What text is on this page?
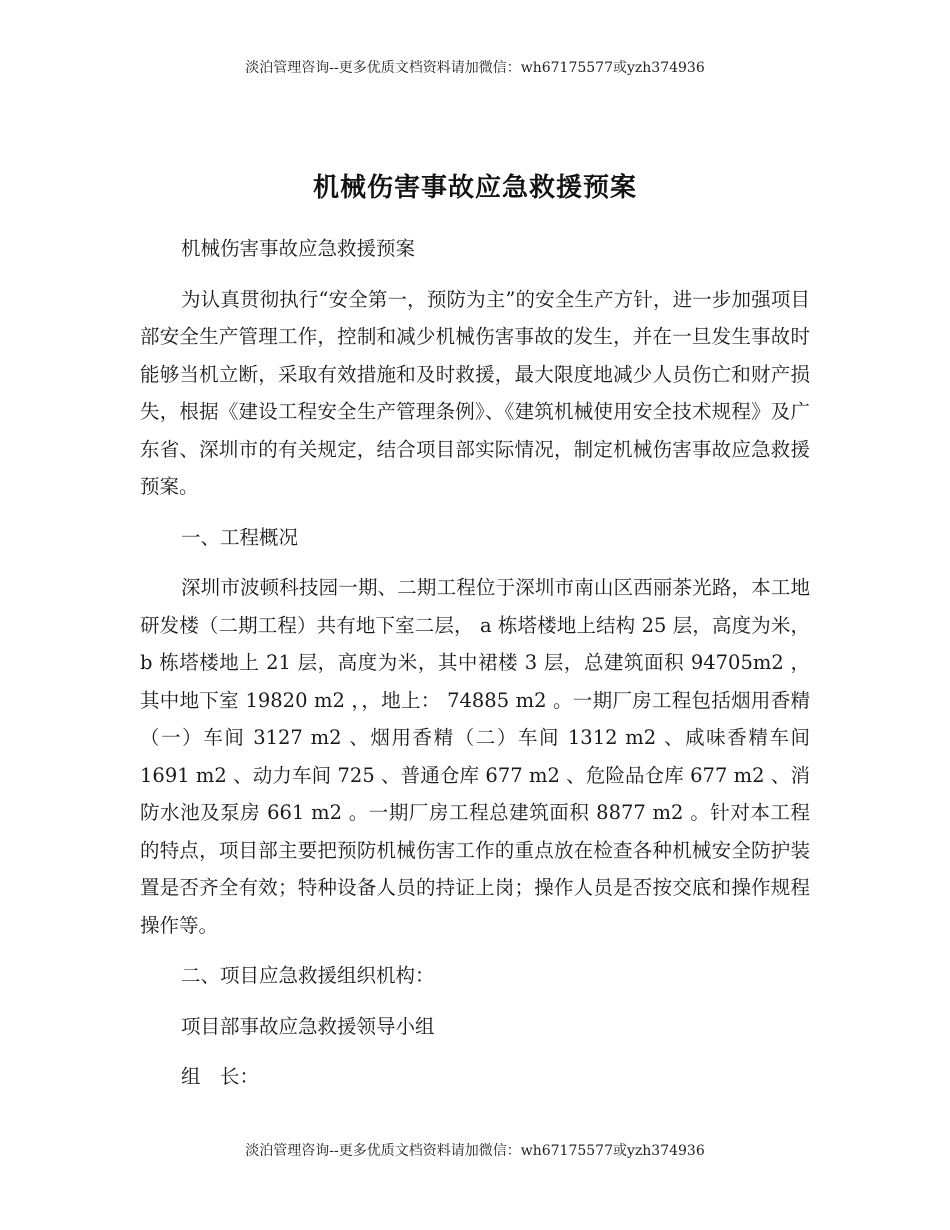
淡泊管理咨询--更多优质文档资料请加微信：wh67175577或yzh374936
机械伤害事故应急救援预案

机械伤害事故应急救援预案

为认真贯彻执行“安全第一，预防为主”的安全生产方针，进一步加强项目部安全生产管理工作，控制和减少机械伤害事故的发生，并在一旦发生事故时能够当机立断，采取有效措施和及时救援，最大限度地减少人员伤亡和财产损失，根据《建设工程安全生产管理条例》、《建筑机械使用安全技术规程》及广东省、深圳市的有关规定，结合项目部实际情况，制定机械伤害事故应急救援预案。

一、工程概况

深圳市波顿科技园一期、二期工程位于深圳市南山区西丽茶光路，本工地研发楼（二期工程）共有地下室二层， a 栋塔楼地上结构 25 层，高度为米， b 栋塔楼地上 21 层，高度为米，其中裙楼 3 层，总建筑面积 94705m2 ，其中地下室 19820 m2 ，，地上： 74885 m2 。一期厂房工程包括烟用香精（一）车间 3127 m2 、烟用香精（二）车间 1312 m2 、咸味香精车间 1691 m2 、动力车间 725 、普通仓库 677 m2 、危险品仓库 677 m2 、消防水池及泵房 661 m2 。一期厂房工程总建筑面积 8877 m2 。针对本工程的特点，项目部主要把预防机械伤害工作的重点放在检查各种机械安全防护装置是否齐全有效；特种设备人员的持证上岗；操作人员是否按交底和操作规程操作等。

二、项目应急救援组织机构：

项目部事故应急救援领导小组

组　长：

淡泊管理咨询--更多优质文档资料请加微信：wh67175577或yzh374936
